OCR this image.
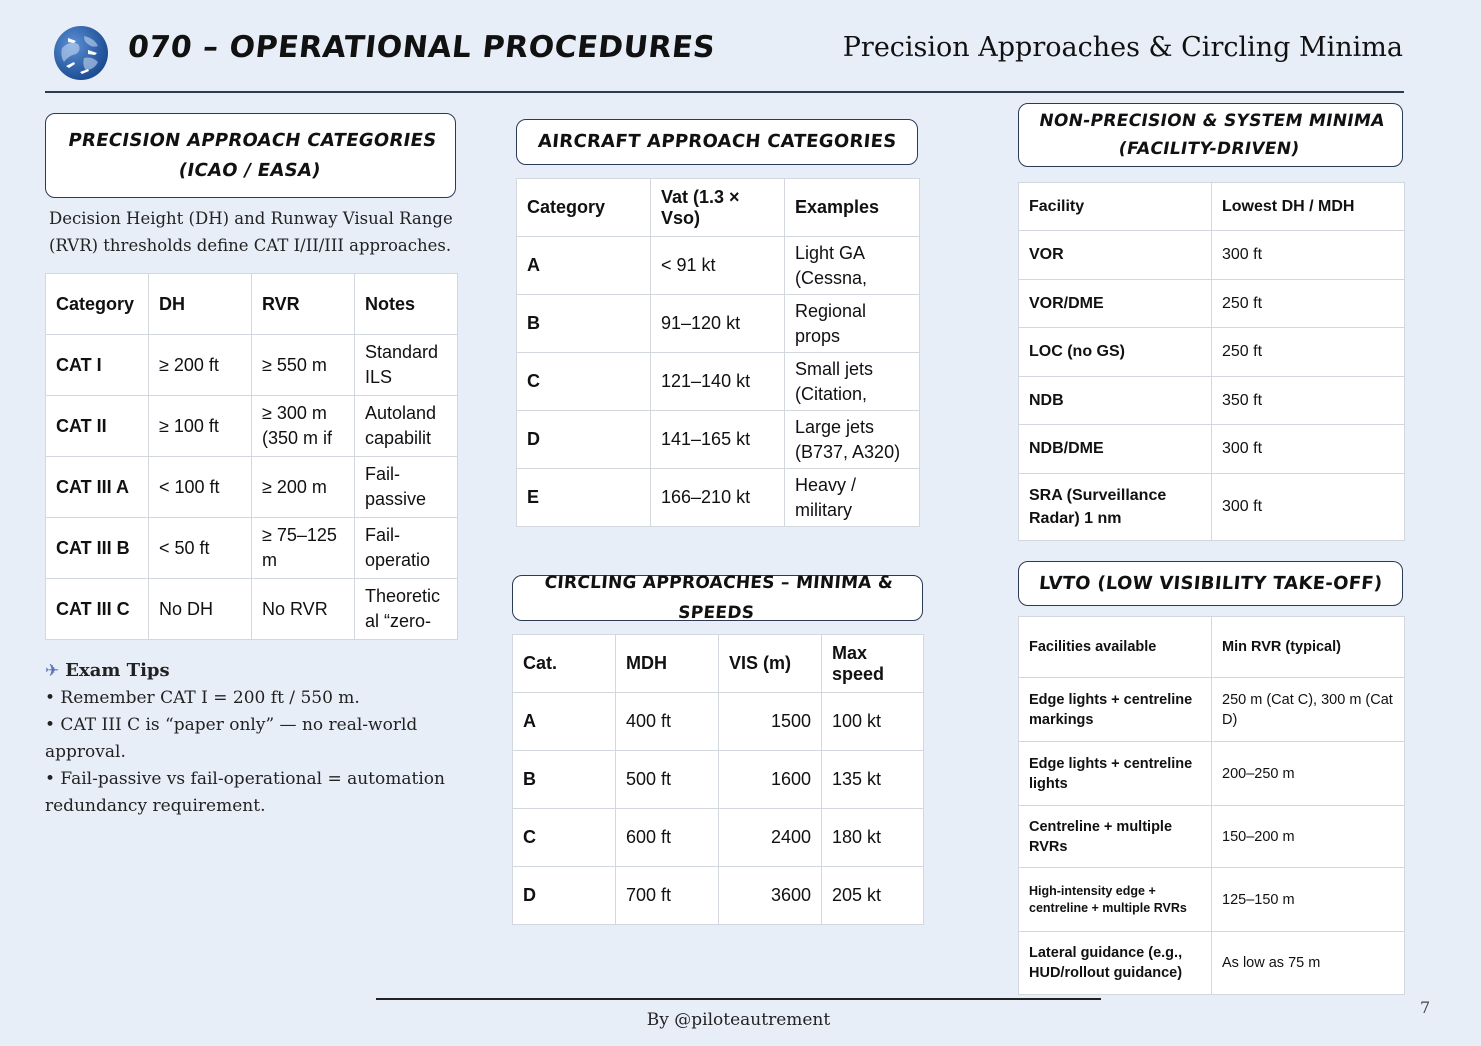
070 – OPERATIONAL PROCEDURES	Precision Approaches & Circling Minima
PRECISION APPROACH CATEGORIES
(ICAO / EASA)
Decision Height (DH) and Runway Visual Range (RVR) thresholds define CAT I/II/III approaches.
Category	DH	RVR	Notes

CAT I	≥ 200 ft	≥ 550 m	Standard ILS

CAT II	≥ 100 ft	≥ 300 m (350 m if	Autoland capabilit

CAT III A	< 100 ft	≥ 200 m	Fail-passive

CAT III B	< 50 ft	≥ 75–125 m	Fail-operatio

CAT III C	No DH	No RVR	Theoretical “zero-
✈ Exam Tips
• Remember CAT I = 200 ft / 550 m.
• CAT III C is “paper only” — no real-world approval.
• Fail-passive vs fail-operational = automation redundancy requirement.
AIRCRAFT APPROACH CATEGORIES
Category	Vat (1.3 × Vso)	Examples

A	< 91 kt	Light GA (Cessna,

B	91–120 kt	Regional props

C	121–140 kt	Small jets (Citation,

D	141–165 kt	Large jets (B737, A320)

E	166–210 kt	Heavy / military
CIRCLING APPROACHES – MINIMA & SPEEDS
Cat.	MDH	VIS (m)	Max speed
A	400 ft	1500	100 kt
B	500 ft	1600	135 kt
C	600 ft	2400	180 kt
D	700 ft	3600	205 kt
NON-PRECISION & SYSTEM MINIMA
(FACILITY-DRIVEN)
Facility	Lowest DH / MDH
VOR	300 ft
VOR/DME	250 ft
LOC (no GS)	250 ft
NDB	350 ft
NDB/DME	300 ft
SRA (Surveillance Radar) 1 nm	300 ft
LVTO (LOW VISIBILITY TAKE-OFF)
Facilities available	Min RVR (typical)
Edge lights + centreline markings	250 m (Cat C), 300 m (Cat D)
Edge lights + centreline lights	200–250 m
Centreline + multiple RVRs	150–200 m
High-intensity edge + centreline + multiple RVRs	125–150 m
Lateral guidance (e.g., HUD/rollout guidance)	As low as 75 m
By @piloteautrement
7
